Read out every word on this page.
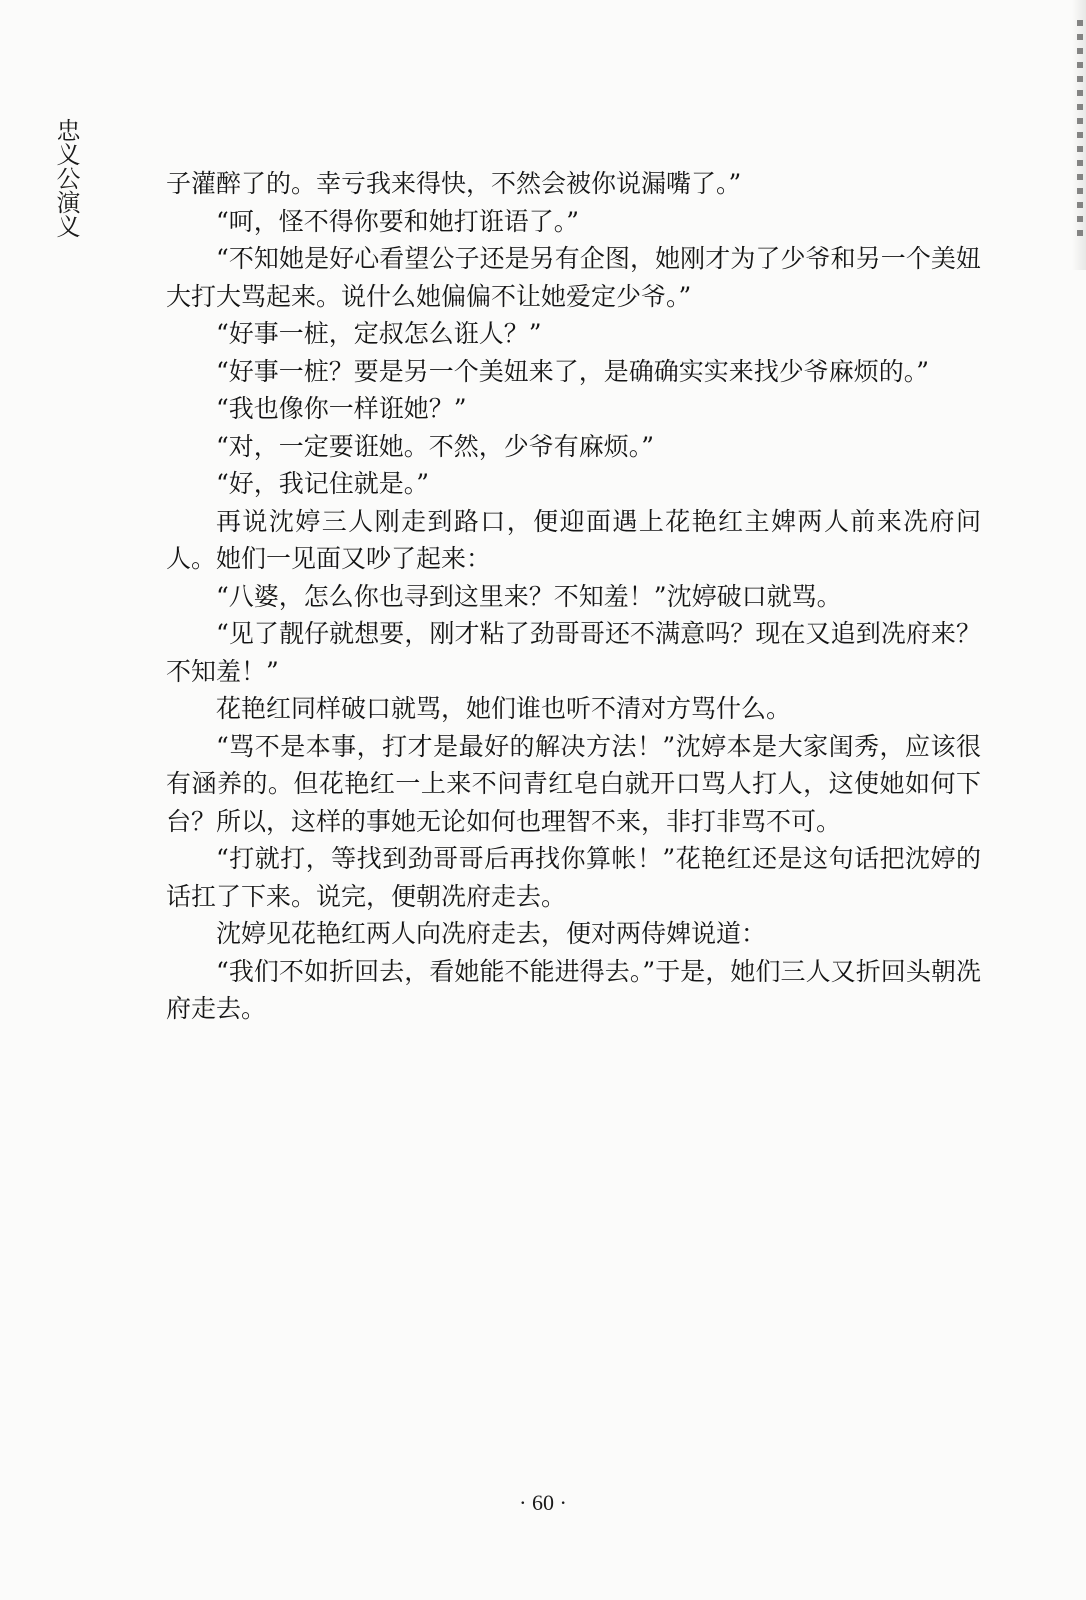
忠义公演义	子灌醉了的。幸亏我来得快，不然会被你说漏嘴了。”

“呵，怪不得你要和她打诳语了。”

“不知她是好心看望公子还是另有企图，她刚才为了少爷和另一个美妞大打大骂起来。说什么她偏偏不让她爱定少爷。”

“好事一桩，定叔怎么诳人？”

“好事一桩？要是另一个美妞来了，是确确实实来找少爷麻烦的。”

“我也像你一样诳她？”

“对，一定要诳她。不然，少爷有麻烦。”

“好，我记住就是。”

再说沈婷三人刚走到路口，便迎面遇上花艳红主婢两人前来冼府问人。她们一见面又吵了起来：

“八婆，怎么你也寻到这里来？不知羞！”沈婷破口就骂。

“见了靓仔就想要，刚才粘了劲哥哥还不满意吗？现在又追到冼府来？不知羞！”

花艳红同样破口就骂，她们谁也听不清对方骂什么。

“骂不是本事，打才是最好的解决方法！”沈婷本是大家闺秀，应该很有涵养的。但花艳红一上来不问青红皂白就开口骂人打人，这使她如何下台？所以，这样的事她无论如何也理智不来，非打非骂不可。

“打就打，等找到劲哥哥后再找你算帐！”花艳红还是这句话把沈婷的话扛了下来。说完，便朝冼府走去。

沈婷见花艳红两人向冼府走去，便对两侍婢说道：

“我们不如折回去，看她能不能进得去。”于是，她们三人又折回头朝冼府走去。

· 60 ·
